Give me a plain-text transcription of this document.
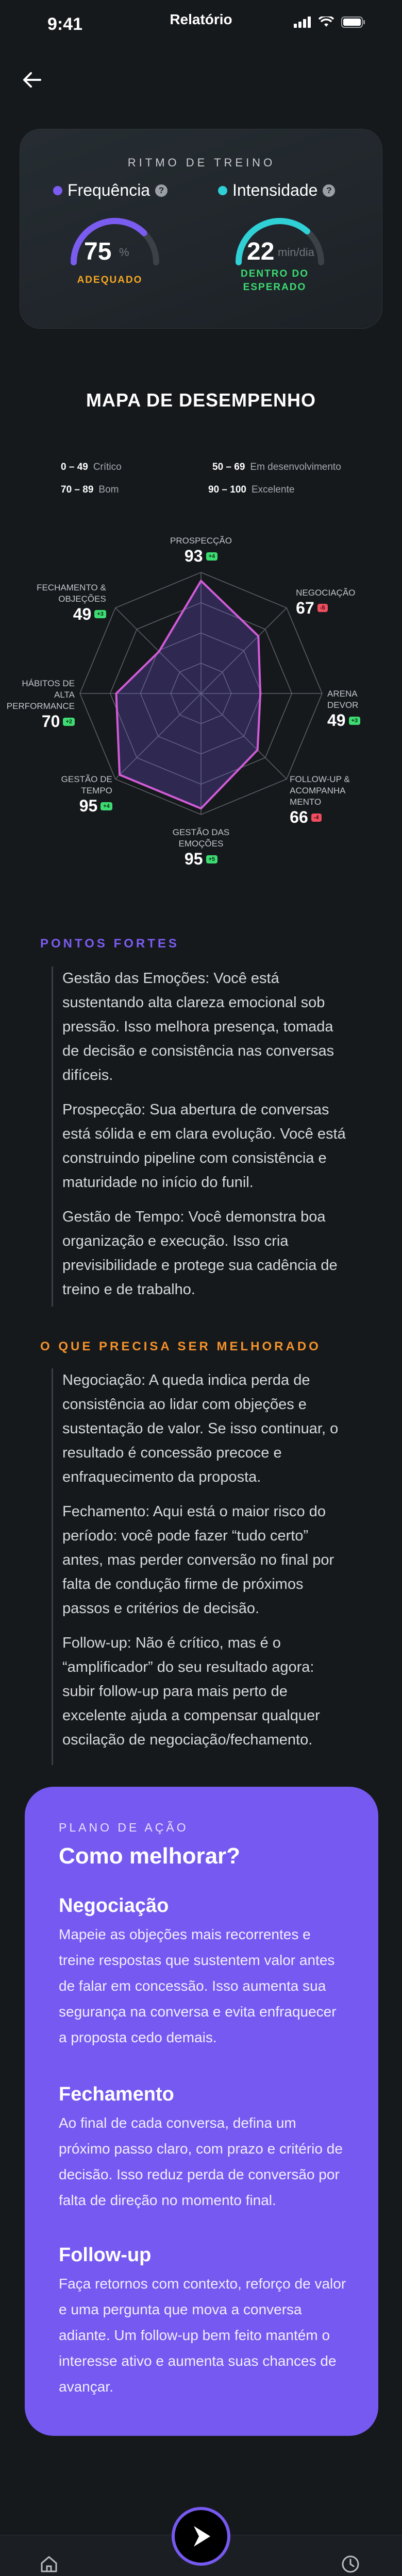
9:41	Relatório
RITMO DE TREINO
Frequência ?
75 %
ADEQUADO
Intensidade ?
22 min/dia
DENTRO DO
ESPERADO
MAPA DE DESEMPENHO
0 – 49 Crítico	50 – 69 Em desenvolvimento
70 – 89 Bom	90 – 100 Excelente
PROSPECÇÃO
93	+4
NEGOCIAÇÃO
67	-5
ARENA
DEVOR
49	+3
FOLLOW-UP &
ACOMPANHA
MENTO
66	-4
GESTÃO DAS
EMOÇÕES
95	+5
GESTÃO DE
TEMPO
95	+4
HÁBITOS DE
ALTA
PERFORMANCE
70	+2
FECHAMENTO &
OBJEÇÕES
49	+3
PONTOS FORTES

Gestão das Emoções: Você está sustentando alta clareza emocional sob pressão. Isso melhora presença, tomada de decisão e consistência nas conversas difíceis.

Prospecção: Sua abertura de conversas está sólida e em clara evolução. Você está construindo pipeline com consistência e maturidade no início do funil.

Gestão de Tempo: Você demonstra boa organização e execução. Isso cria previsibilidade e protege sua cadência de treino e de trabalho.

O QUE PRECISA SER MELHORADO

Negociação: A queda indica perda de consistência ao lidar com objeções e sustentação de valor. Se isso continuar, o resultado é concessão precoce e enfraquecimento da proposta.

Fechamento: Aqui está o maior risco do período: você pode fazer “tudo certo” antes, mas perder conversão no final por falta de condução firme de próximos passos e critérios de decisão.

Follow-up: Não é crítico, mas é o “amplificador” do seu resultado agora: subir follow-up para mais perto de excelente ajuda a compensar qualquer oscilação de negociação/fechamento.

PLANO DE AÇÃO
Como melhorar?
Negociação
Mapeie as objeções mais recorrentes e treine respostas que sustentem valor antes de falar em concessão. Isso aumenta sua segurança na conversa e evita enfraquecer a proposta cedo demais.
Fechamento
Ao final de cada conversa, defina um próximo passo claro, com prazo e critério de decisão. Isso reduz perda de conversão por falta de direção no momento final.
Follow-up
Faça retornos com contexto, reforço de valor e uma pergunta que mova a conversa adiante. Um follow-up bem feito mantém o interesse ativo e aumenta suas chances de avançar.
